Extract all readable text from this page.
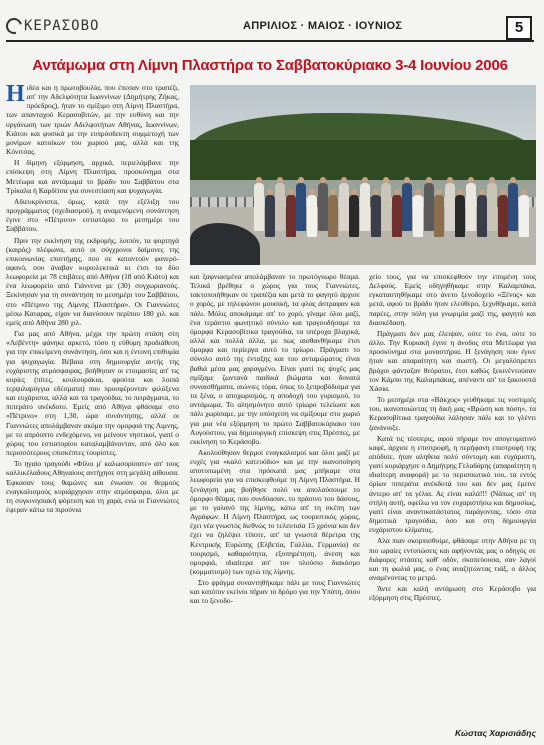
ΚΕΡΑΣΟΒΟ	ΑΠΡΙΛΙΟΣ · ΜΑΙΟΣ · ΙΟΥΝΙΟΣ	5
Αντάμωμα στη Λίμνη Πλαστήρα το Σαββατοκύριακο 3-4 Ιουνίου 2006

Ηιδέα και η πρωτοβουλία, που έπεσαν στο τραπέζι, απ' την Αδελφότητα Ιωαννίνων (Δημήτρης Ζήκας, πρόεδρος), ήταν το σμίξιμο στη Λίμνη Πλαστήρα, των απανταχού Κερασοβιτών, με την ευθύνη και την οργάνωση των τριών Αδελφοτήτων Αθήνας, Ιωαννίνων, Κιάτου και φυσικά με την ευπρόσδεκτη συμμετοχή των μονίμων κατοίκων του χωριού μας, αλλά και της Κόνιτσας.

Η δίμηνη εξόρμηση, αρχικά, περιελάμβανε την επίσκεψη στη Λίμνη Πλαστήρα, προσκύνημα στα Μετέωρα και αντάμωμα το βράδυ του Σαββάτου στα Τρίκαλα ή Καρδίτσα για συνεστίαση και ψυχαγωγία.

Αδιευκρίνιστα, όμως, κατά την εξέλιξη του προγράμματος (σχεδιασμού), η αναμενόμενη συνάντηση έγινε στο «Πέτρινο» εστιατόριο το μεσημέρι του Σαββάτου.

Πριν την εκκίνηση της εκδρομής, λοιπόν, τα φορτηγά (καιρός) πλέφωνα, αυτό οι σύγχρονοι δαίμονες της επικοινωνίας επιστήμης, που σε καταντούν φανερό-αφανό, σου άναβαν κυριολεκτικά κι έτσι τα δύο λεωφορεία με 78 επιβάτες από Αθήνα (18 από Κιάτο) και ένα λεωφορείο από Γιάννενα με (30) συγχωριανούς. Ξεκίνησαν για τη συνάντηση το μεσημέρι του Σαββάτου, στο «Πέτρινο της Λίμνης Πλαστήρα». Οι Γιαννιώτες μέσω Καταρας, είχαν να διανύσουν περίπου 180 χιλ. και εμείς από Αθήνα 280 χιλ.

Για μας από Αθήνα, μέχρι την πρώτη στάση στη «Λεβέντη» φάνηκε αρκετό, τόσο η εύθυμη προδιάθεση για την επικείμενη συνάντηση, όσο και η έντονη επιθυμία για ψυχαγωγία. Βέβαια στη δημιουργία αυτής της ευχάριστης ατμόσφαιρας, βοήθησαν οι ετοιμασίες απ' τις κυρίες (πίτες, κουλουράκια, φρούτα και λοιπά τερψιλαρύγγια εδέσματα) που προσφέρονταν φιλόξενα και ευχάριστα, αλλά και τα τραγούδια, το πειράγματα, το πιπεράτο ανέκδοτο. Εμείς από Αθήνα φθάσαμε στο «Πέτρινο» στη 1,30, ώρα συνάντησης, αλλά οι Γιαννιώτες απολάμβαναν ακόμα την ομορφιά της Λιμνης, με το απρόοπτο ενδεχόμενο, να μείνουν νηστικοί, γιατί ο χώρος του εστιατορίου καταλαμβάνονταν, από όλο και περισσότερους επισκέπτες τουρίστες.

Το ηγαίο τραγούδι «Φίλοι μ' καλωσορίσατε» απ' τους καλλικέλαδους Αθηναίους αντήχησε στη μεγάλη αίθουσα. Έφκασαν τους θαμώνες και ένωσαν σε θερμούς εναγκαλισμούς κυριάρχησαν στην ατμόσφαιρα, όλοι με τη συγκινησιακή φόρτιση και τη χαρά, ενώ οι Γιαννιώτες έφεραν κάτω τα πιρούνια

και ξαφνιασμένα απολάμβαναν το πρωτόγνωρο θέαμα. Τελικά βρέθηκε ο χώρος για τους Γιαννιώτες, τακτοποιήθηκαν σε τραπέζια και μετά το φαγητό άρχισε ο χορός, με τηλεφώνου μουσική, τα φλας άστραφαν και πάλι. Μόλις αποκάμαμε απ' το χορό, γίναμε όλοι μαζί, ένα τεράστιο φωνητικό σύνολο και τραγουδήσαμε τα όμορφα Κερασοβίτικα τραγούδια, τα υπέροχα βλαχικά, αλλά και πολλά άλλα, με πως αισθανθήκαμε έτσι όμορφα και περίεργα αυτό το τρίωρο. Πράγματι το σύνολο αυτό της ένταξης και του ανταμώματος είναι βαθιά μέσα μας χαραγμένο. Είναι γιατί τις ψυχές μας σμίξαμε ζωντανά παιδικά βιώματα και δυνατά συναισθήματα, αιώνιες τόρα, όπως το ξεπροβόδισμα για τα ξένα, ο αποχωρισμός, η αποδοχή του γυρισμού, το αντάμωμα. Το αλησμόνητο αυτό τρίωρο τελείωσε και πάλι χωρίσαμε, με την υπόσχεση να σμίξουμε στο χωριό για μια νέα εξόρμηση το πρώτο Σαββατοκύριακο του Αυγούστου, για δημιουργική επίσκεψη στις Πρέσπες, με εκκίνηση το Κεράσοβο.

Ακολούθησαν θερμοί εναγκαλισμοί και όλοι μαζί με ευχές για «καλό κατευόδιο» και με την ικανοποίηση αποτυπωμένη στα πρόσωπά μας μπήκαμε στα λεωφορεία για να επισκεφθούμε τη Λίμνη Πλαστήρα. Η ξενάγηση μας βοήθησε πολύ να απολαύσουμε το όμορφο θέαμα, που συνδύασαν, το πράσινο του δάσους, με το γαλανό της λίμνης, κάτω απ' τη σκέπη των Αγράφων. Η Λίμνη Πλαστήρα, ως τουριστικός χώρος, έχει νέα γνωστός διεθνώς το τελευταία 15 χρόνια και δεν έχει να ζηλέψει τίποτε, απ' τα γνωστά θέρετρα της Κεντρικής Ευρώπης (Ελβετία, Γαλλία, Γερμανία) σε τουρισμό, καθαριότητα, εξυπηρέτηση, άνεση και ομορφιά, ιδιαίτερα απ' τον πλούσιο διακόσμο (κομματισμό) των οχτώ της λίμνης.

Στο φράγμα συναντηθήκαμε πάλι με τους Γιαννιώτες και κατόπιν εκείνοι πήραν το δρόμο για την Υπάτη, όπου και το ξενοδο-

χείο τους, για να επισκεφθούν την επομένη τους Δελφούς. Εμείς οδηγηθήκαμε στην Καλαμπάκα, εγκαταστηθήκαμε στο άνετο ξενοδοχείο «Ξένος» και μετά, αφού το βράδυ ήταν ελεύθερο, ξεχυθήκαμε, κατά παρέες, στην πόλη για γνωριμία μαζί της, φαγητό και διασκέδαση.

Πράγματι δεν μας έλειψαν, ούτε το ένα, ούτε το άλλο. Την Κυριακή έγινε η άνοδος στα Μετέωρα για προσκύνημα στα μοναστήρια. Η ξενάγηση που έγινε ήταν και απαραίτητη και σωστή. Οι μεγαλόπρεπει βράχοι φάνταζαν θεόρατοι, έτσι καθώς ξεκινέντούσαν τον Κάμπο της Καλαμπάκας, απέναντι απ' τα ξακουστά Χάσια.

Το μεσημέρι στα «Βάκχος» γευθήκαμε τις νοστιμιές του, ικανοποιώντας τη δική μας «Βρώση και πόση», τα Κερασοβίτικα τραγούδια λάλησαν πάλι και το γλέντι ξανάνοιξε.

Κατά τις τέσσερις, αφού πήραμε τον απογευματινό καφέ, άρχισε η επιστροφή, η περήφανη επιστροφή της απόδισε, ήταν αληθεια πολύ σύντομη και ευχάριστη, γιατί κυριάρχησε ο Δημήτρης Γελαδάρης (απαραίτητη η ιδιαίτερη αναφορά) με το περισσωτικό του, τα εντός όρίων πιπεράτα ανέκδοτά του και δεν μας έμεινε άντερο απ' τα γέλια. Ας είναι καλά!!! (Νάπως απ' τη στήλη αυτή, οφείλω να τον ευχαριστήσω και δημοσίως, γιατί είναι αναντικατάστατος παράγοντας, τόσο στα δημοτικά τραγούδια, όσο και στη δημιουργία ευχάριστου κλίματος.

Αλα πιαν σκορπισθοίμε, φθάσαμε στην Αθήνα με τη πιο ωραίες εντυπώσεις και αφήνοντάς μας ο οδηγός σε διάφορες στάσεις καθ' οδόν, σκοπεύουσα, σαν λαγοί και τη φωλιά μας, ο ένας αναζητώντας τιάξ, ο άλλος αναμένοντας το μετρό.

Άντε και καλή αντάμωση στο Κεράσοβο για εξόρμηση στις Πρέσπες.

Κώστας Χαρισιάδης
